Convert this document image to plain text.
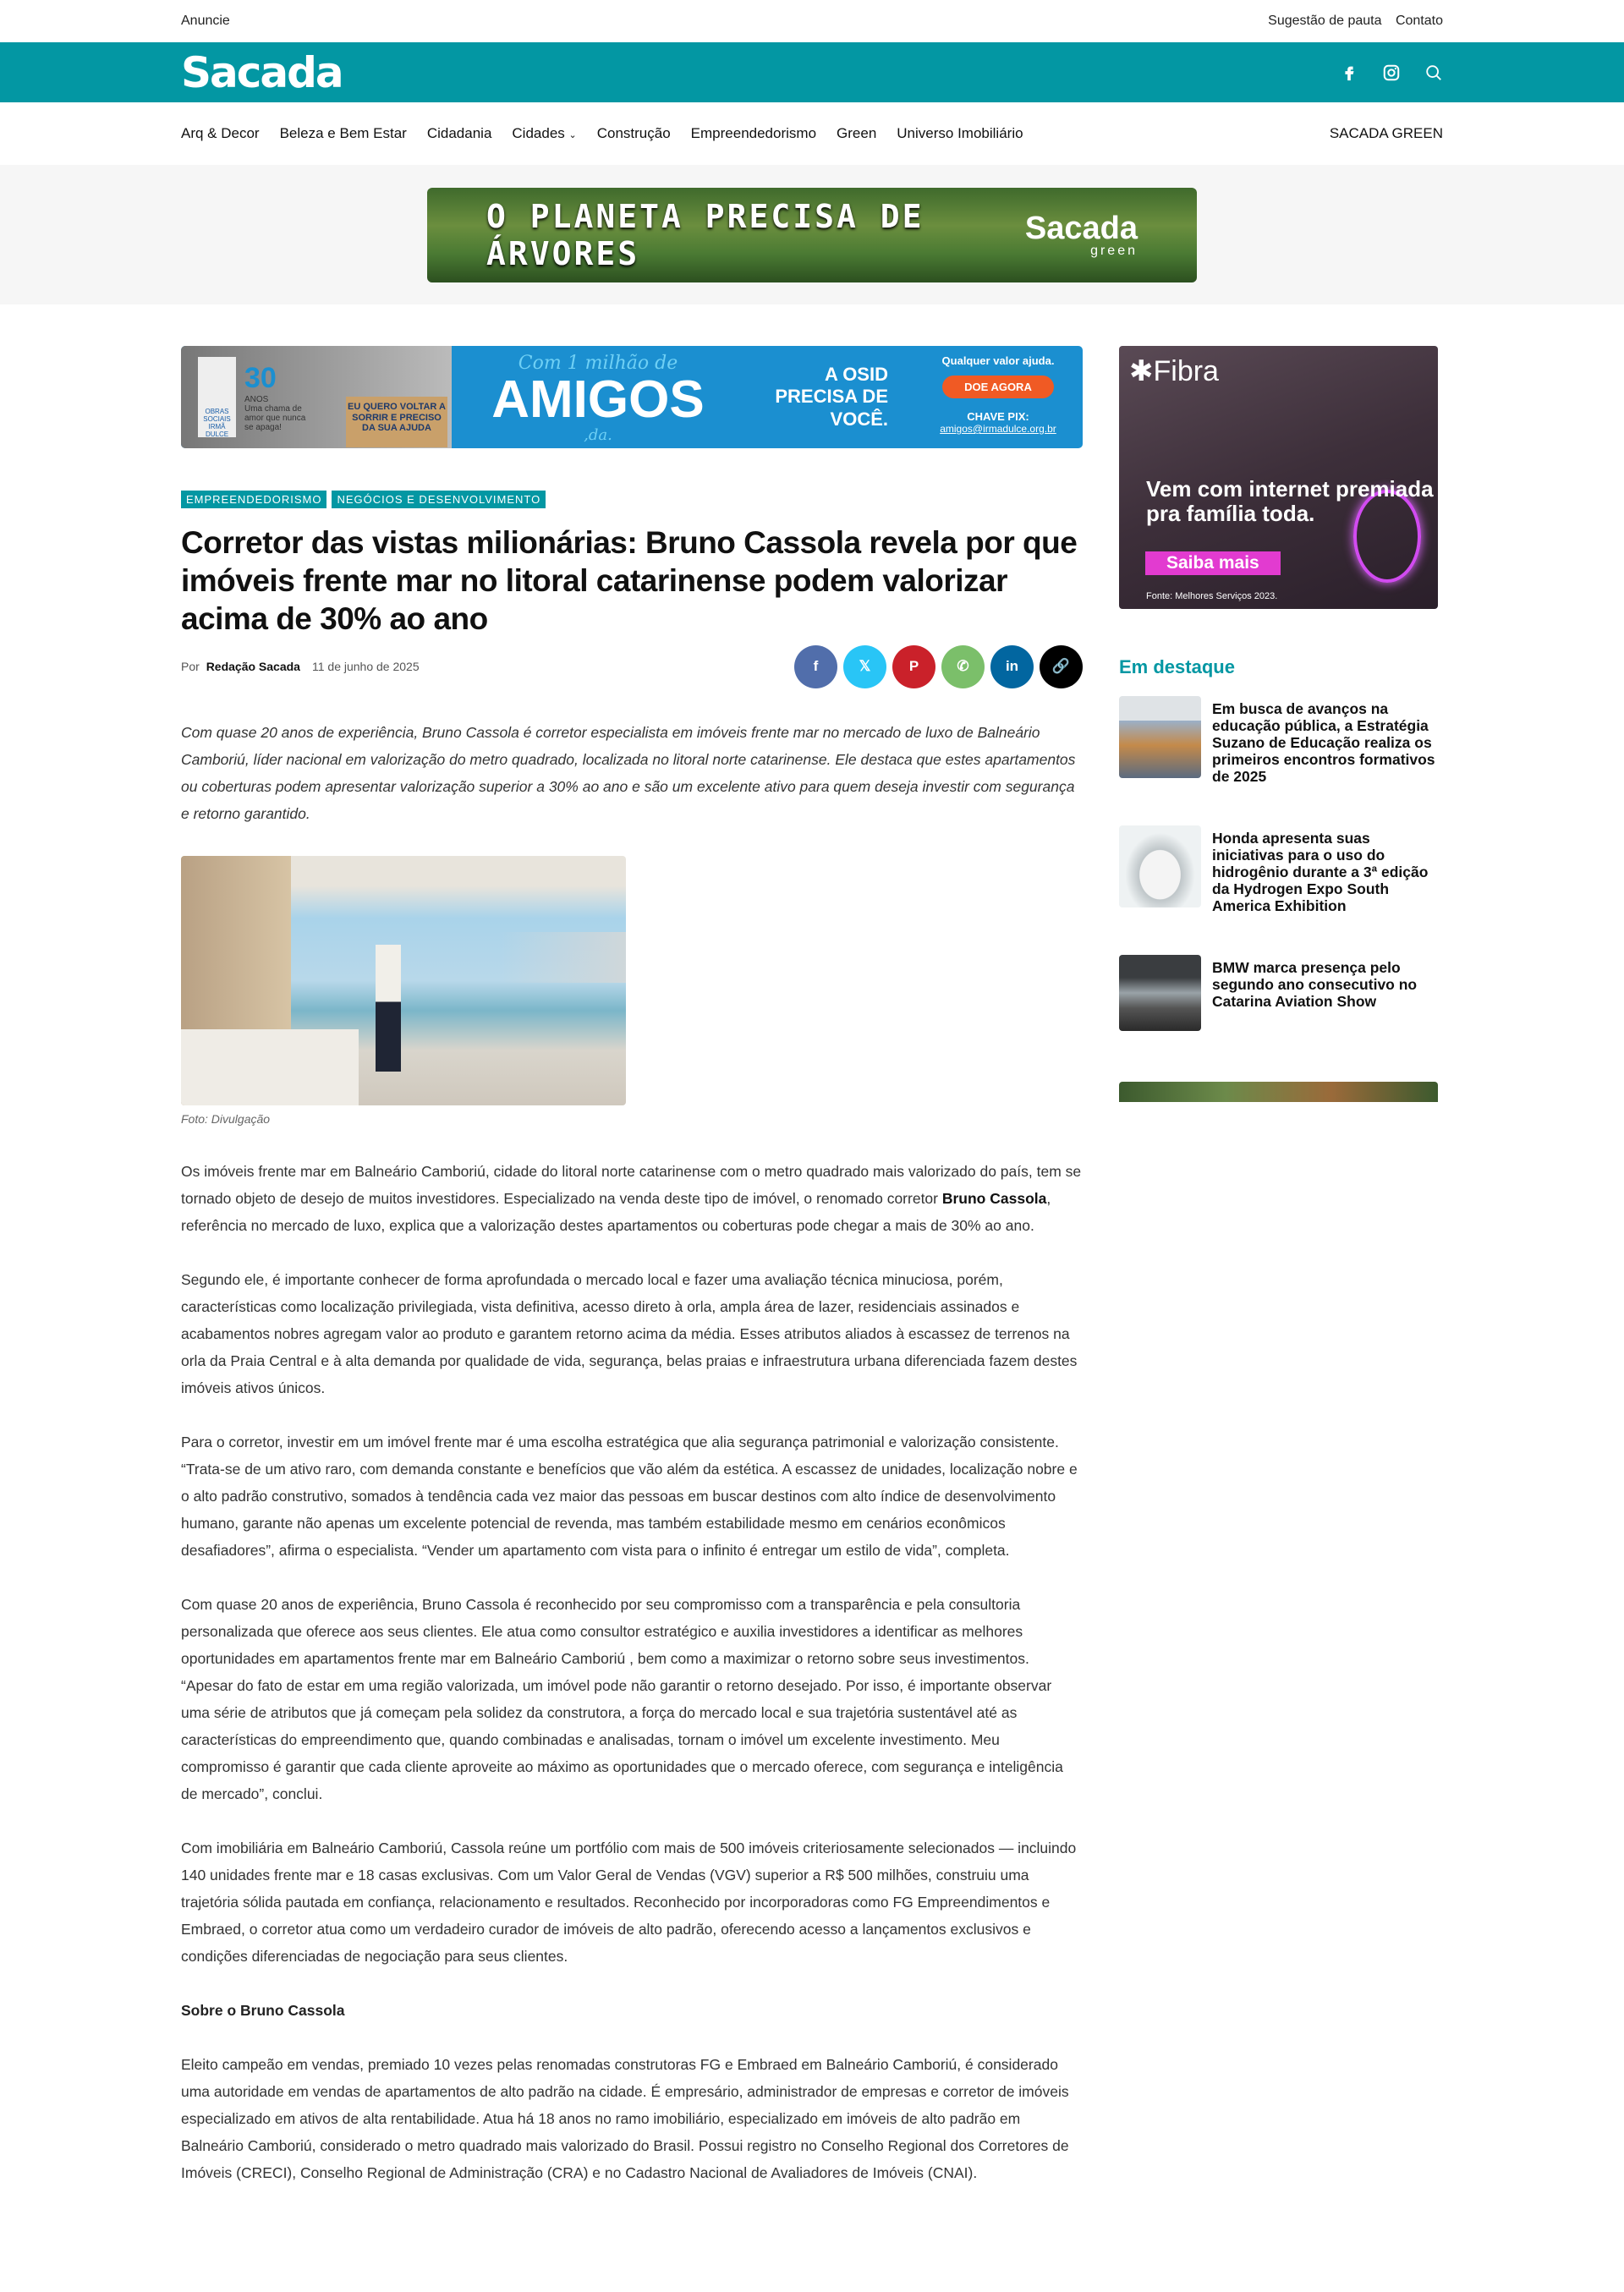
Anuncie	Sugestão de pauta Contato
Sacada
Arq & Decor Beleza e Bem Estar Cidadania Cidades ⌄ Construção Empreendedorismo Green Universo Imobiliário	SACADA GREEN
O PLANETA PRECISA DE ÁRVORES
Sacada
green
OBRAS SOCIAIS IRMÃ DULCE
30
ANOS
Uma chama de amor que nunca se apaga!
EU QUERO VOLTAR A SORRIR E PRECISO DA SUA AJUDA
Com 1 milhão de
AMIGOS
,da.
A OSID PRECISA DE VOCÊ.
Qualquer valor ajuda.
DOE AGORA
CHAVE PIX:
amigos@irmadulce.org.br
EMPREENDEDORISMO	NEGÓCIOS E DESENVOLVIMENTO
Corretor das vistas milionárias: Bruno Cassola revela por que imóveis frente mar no litoral catarinense podem valorizar acima de 30% ao ano
Por Redação Sacada 11 de junho de 2025	f	𝕏	P	✆	in 🔗

Com quase 20 anos de experiência, Bruno Cassola é corretor especialista em imóveis frente mar no mercado de luxo de Balneário Camboriú, líder nacional em valorização do metro quadrado, localizada no litoral norte catarinense. Ele destaca que estes apartamentos ou coberturas podem apresentar valorização superior a 30% ao ano e são um excelente ativo para quem deseja investir com segurança e retorno garantido.

Foto: Divulgação

Os imóveis frente mar em Balneário Camboriú, cidade do litoral norte catarinense com o metro quadrado mais valorizado do país, tem se tornado objeto de desejo de muitos investidores. Especializado na venda deste tipo de imóvel, o renomado corretor Bruno Cassola, referência no mercado de luxo, explica que a valorização destes apartamentos ou coberturas pode chegar a mais de 30% ao ano.

Segundo ele, é importante conhecer de forma aprofundada o mercado local e fazer uma avaliação técnica minuciosa, porém, características como localização privilegiada, vista definitiva, acesso direto à orla, ampla área de lazer, residenciais assinados e acabamentos nobres agregam valor ao produto e garantem retorno acima da média. Esses atributos aliados à escassez de terrenos na orla da Praia Central e à alta demanda por qualidade de vida, segurança, belas praias e infraestrutura urbana diferenciada fazem destes imóveis ativos únicos.

Para o corretor, investir em um imóvel frente mar é uma escolha estratégica que alia segurança patrimonial e valorização consistente. “Trata-se de um ativo raro, com demanda constante e benefícios que vão além da estética. A escassez de unidades, localização nobre e o alto padrão construtivo, somados à tendência cada vez maior das pessoas em buscar destinos com alto índice de desenvolvimento humano, garante não apenas um excelente potencial de revenda, mas também estabilidade mesmo em cenários econômicos desafiadores”, afirma o especialista. “Vender um apartamento com vista para o infinito é entregar um estilo de vida”, completa.

Com quase 20 anos de experiência, Bruno Cassola é reconhecido por seu compromisso com a transparência e pela consultoria personalizada que oferece aos seus clientes. Ele atua como consultor estratégico e auxilia investidores a identificar as melhores oportunidades em apartamentos frente mar em Balneário Camboriú , bem como a maximizar o retorno sobre seus investimentos. “Apesar do fato de estar em uma região valorizada, um imóvel pode não garantir o retorno desejado. Por isso, é importante observar uma série de atributos que já começam pela solidez da construtora, a força do mercado local e sua trajetória sustentável até as características do empreendimento que, quando combinadas e analisadas, tornam o imóvel um excelente investimento. Meu compromisso é garantir que cada cliente aproveite ao máximo as oportunidades que o mercado oferece, com segurança e inteligência de mercado”, conclui.

Com imobiliária em Balneário Camboriú, Cassola reúne um portfólio com mais de 500 imóveis criteriosamente selecionados — incluindo 140 unidades frente mar e 18 casas exclusivas. Com um Valor Geral de Vendas (VGV) superior a R$ 500 milhões, construiu uma trajetória sólida pautada em confiança, relacionamento e resultados. Reconhecido por incorporadoras como FG Empreendimentos e Embraed, o corretor atua como um verdadeiro curador de imóveis de alto padrão, oferecendo acesso a lançamentos exclusivos e condições diferenciadas de negociação para seus clientes.

Sobre o Bruno Cassola

Eleito campeão em vendas, premiado 10 vezes pelas renomadas construtoras FG e Embraed em Balneário Camboriú, é considerado uma autoridade em vendas de apartamentos de alto padrão na cidade. É empresário, administrador de empresas e corretor de imóveis especializado em ativos de alta rentabilidade. Atua há 18 anos no ramo imobiliário, especializado em imóveis de alto padrão em Balneário Camboriú, considerado o metro quadrado mais valorizado do Brasil. Possui registro no Conselho Regional dos Corretores de Imóveis (CRECI), Conselho Regional de Administração (CRA) e no Cadastro Nacional de Avaliadores de Imóveis (CNAI).

✱Fibra
Vem com internet premiada pra família toda.
Saiba mais
Fonte: Melhores Serviços 2023.
Em destaque
Em busca de avanços na educação pública, a Estratégia Suzano de Educação realiza os primeiros encontros formativos de 2025
Honda apresenta suas iniciativas para o uso do hidrogênio durante a 3ª edição da Hydrogen Expo South America Exhibition
BMW marca presença pelo segundo ano consecutivo no Catarina Aviation Show
